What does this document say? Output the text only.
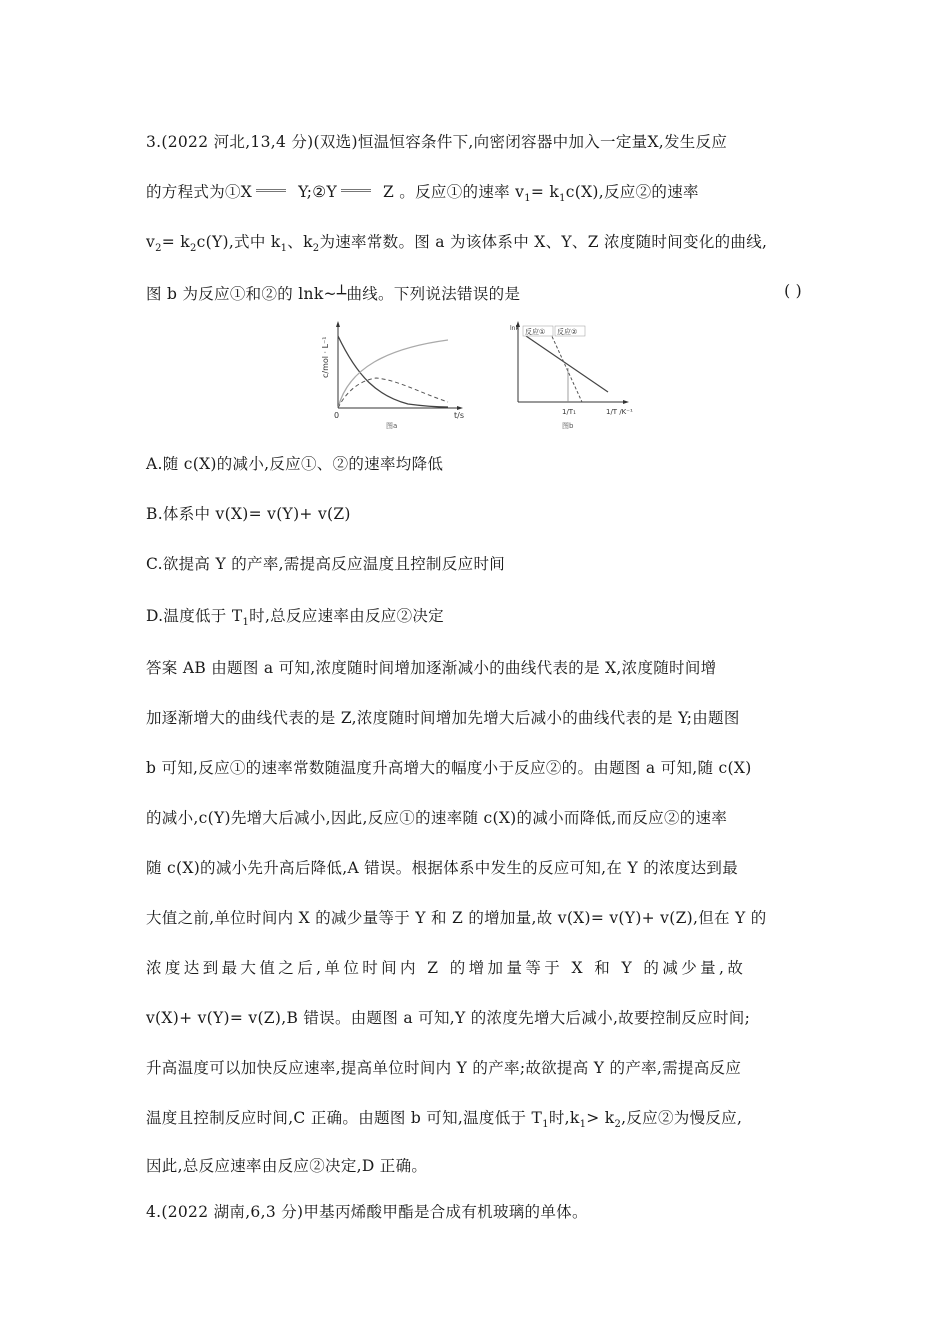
3.(2022 河北,13,4 分)(双选)恒温恒容条件下,向密闭容器中加入一定量X,发生反应
的方程式为①X	Y;②Y	Z 。反应①的速率 $v_1= k_1c(X)$,反应②的速率
$v_2= k_2c(Y)$,式中 $k_1$、$k_2$为速率常数。图 a 为该体系中 X、Y、Z 浓度随时间变化的曲线,
图 b 为反应①和②的 lnk~┴曲线。下列说法错误的是	( )
c/mol · L⁻¹
0	t/s
图a
反应① 反应②
lnk
1/T₁	1/T /K⁻¹
图b
A.随 c(X)的减小,反应①、②的速率均降低
B.体系中 v(X)= v(Y)+ v(Z)
C.欲提高 Y 的产率,需提高反应温度且控制反应时间
D.温度低于 $T_1$时,总反应速率由反应②决定
答案 AB 由题图 a 可知,浓度随时间增加逐渐减小的曲线代表的是 X,浓度随时间增
加逐渐增大的曲线代表的是 Z,浓度随时间增加先增大后减小的曲线代表的是 Y;由题图
b 可知,反应①的速率常数随温度升高增大的幅度小于反应②的。由题图 a 可知,随 c(X)
的减小,c(Y)先增大后减小,因此,反应①的速率随 c(X)的减小而降低,而反应②的速率
随 c(X)的减小先升高后降低,A 错误。根据体系中发生的反应可知,在 Y 的浓度达到最
大值之前,单位时间内 X 的减少量等于 Y 和 Z 的增加量,故 v(X)= v(Y)+ v(Z),但在 Y 的
浓度达到最大值之后,单位时间内 Z 的增加量等于 X 和 Y 的减少量,故
v(X)+ v(Y)= v(Z),B 错误。由题图 a 可知,Y 的浓度先增大后减小,故要控制反应时间;
升高温度可以加快反应速率,提高单位时间内 Y 的产率;故欲提高 Y 的产率,需提高反应
温度且控制反应时间,C 正确。由题图 b 可知,温度低于 $T_1$时$,k_1> k_2$,反应②为慢反应,
因此,总反应速率由反应②决定,D 正确。
4.(2022 湖南,6,3 分)甲基丙烯酸甲酯是合成有机玻璃的单体。
